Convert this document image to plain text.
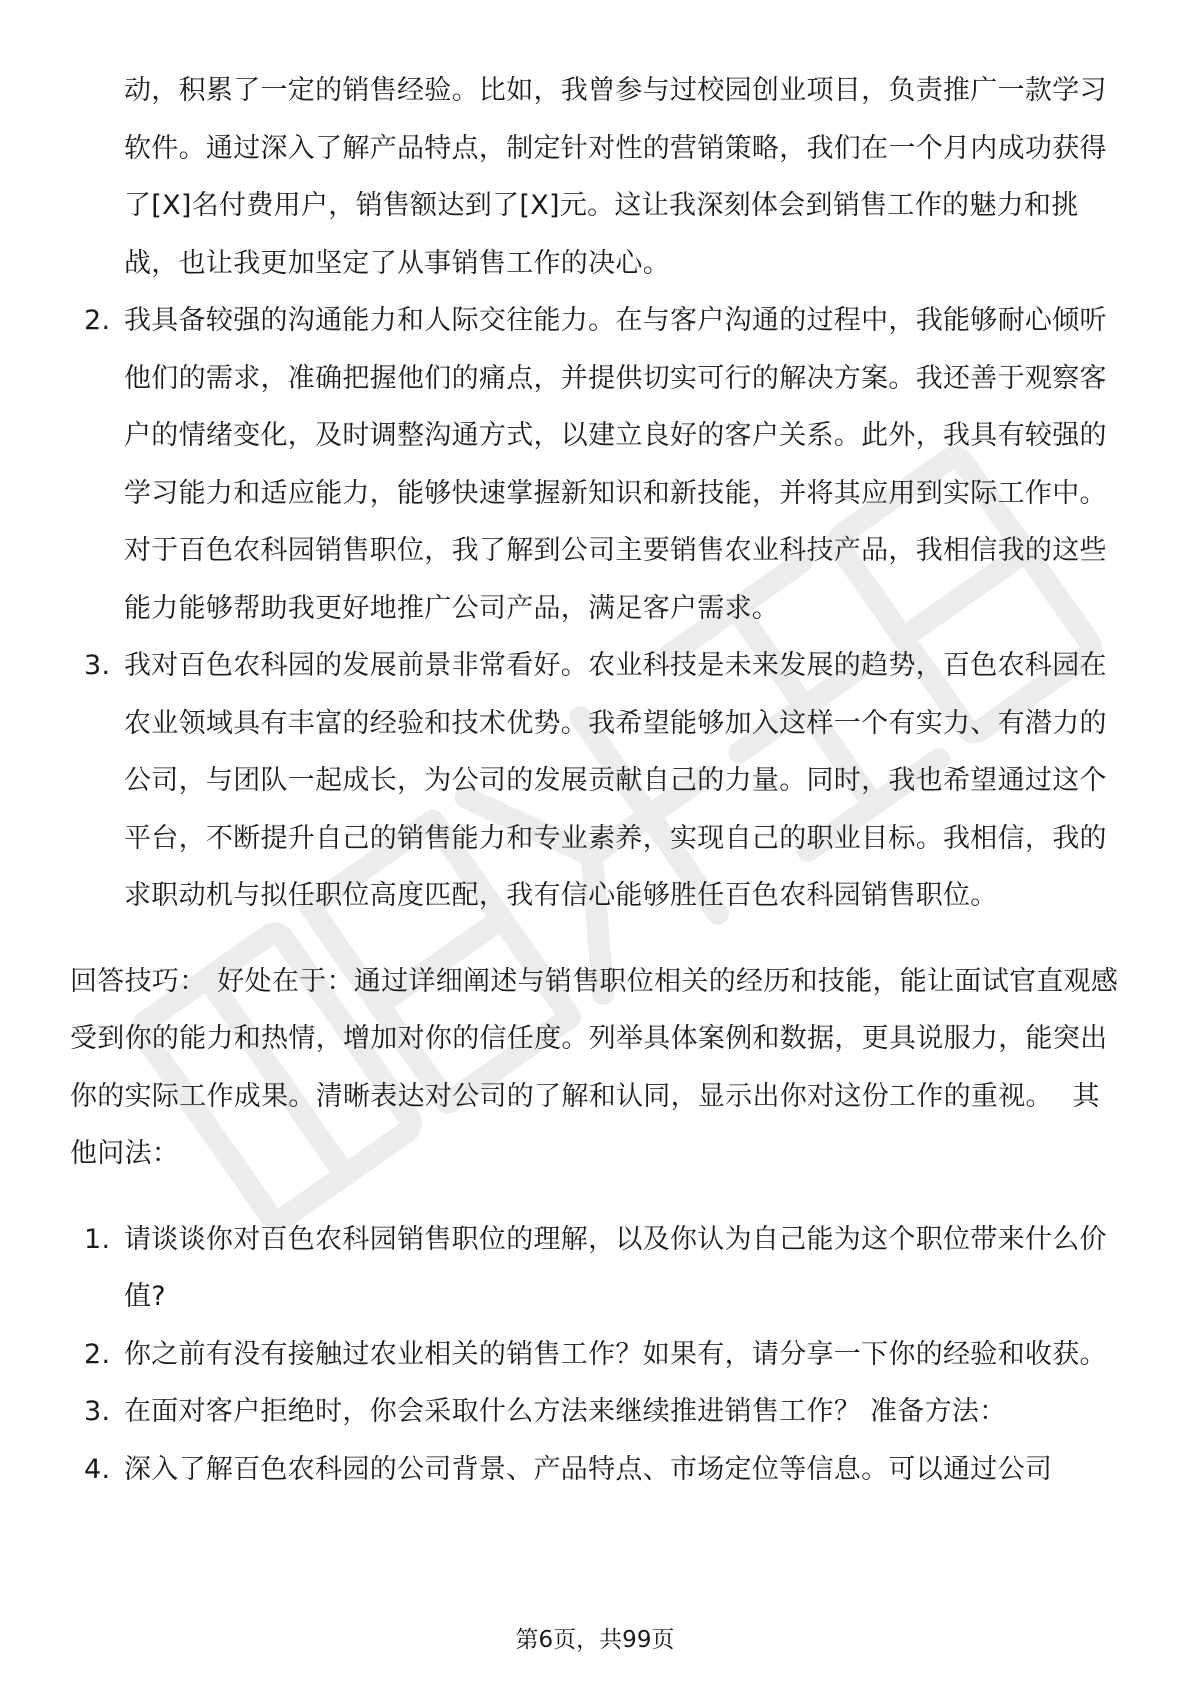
动，积累了一定的销售经验。比如，我曾参与过校园创业项目，负责推广一款学习软件。通过深入了解产品特点，制定针对性的营销策略，我们在一个月内成功获得了[X]名付费用户，销售额达到了[X]元。这让我深刻体会到销售工作的魅力和挑战，也让我更加坚定了从事销售工作的决心。
2. 我具备较强的沟通能力和人际交往能力。在与客户沟通的过程中，我能够耐心倾听他们的需求，准确把握他们的痛点，并提供切实可行的解决方案。我还善于观察客户的情绪变化，及时调整沟通方式，以建立良好的客户关系。此外，我具有较强的学习能力和适应能力，能够快速掌握新知识和新技能，并将其应用到实际工作中。对于百色农科园销售职位，我了解到公司主要销售农业科技产品，我相信我的这些能力能够帮助我更好地推广公司产品，满足客户需求。
3. 我对百色农科园的发展前景非常看好。农业科技是未来发展的趋势，百色农科园在农业领域具有丰富的经验和技术优势。我希望能够加入这样一个有实力、有潜力的公司，与团队一起成长，为公司的发展贡献自己的力量。同时，我也希望通过这个平台，不断提升自己的销售能力和专业素养，实现自己的职业目标。我相信，我的求职动机与拟任职位高度匹配，我有信心能够胜任百色农科园销售职位。

回答技巧： 好处在于：通过详细阐述与销售职位相关的经历和技能，能让面试官直观感受到你的能力和热情，增加对你的信任度。列举具体案例和数据，更具说服力，能突出你的实际工作成果。清晰表达对公司的了解和认同，显示出你对这份工作的重视。 其他问法：

1. 请谈谈你对百色农科园销售职位的理解，以及你认为自己能为这个职位带来什么价值?
2. 你之前有没有接触过农业相关的销售工作？如果有，请分享一下你的经验和收获。
3. 在面对客户拒绝时，你会采取什么方法来继续推进销售工作？ 准备方法：
4. 深入了解百色农科园的公司背景、产品特点、市场定位等信息。可以通过公司
第6页，共99页
